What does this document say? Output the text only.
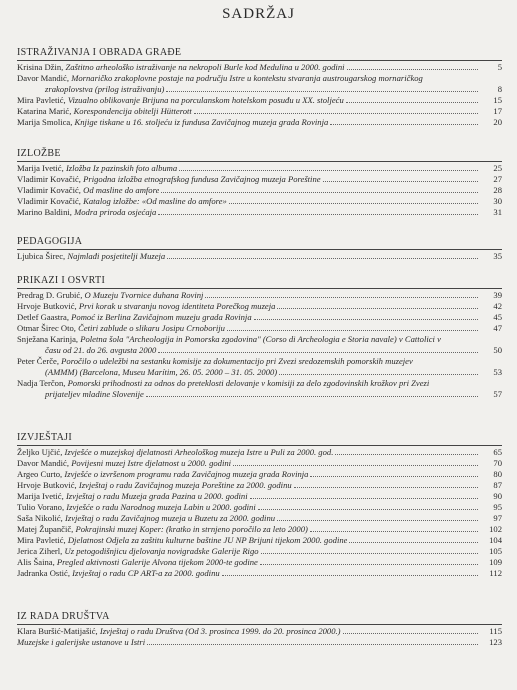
SADRŽAJ
ISTRAŽIVANJA I OBRADA GRAĐE
Krisina Džin, Zaštitno arheološko istraživanje na nekropoli Burle kod Medulina u 2000. godini	5
Davor Mandić, Mornaričko zrakoplovne postaje na području Istre u kontekstu stvaranja austrougarskog mornaričkog
zrakoplovstva (prilog istraživanju)	8
Mira Pavletić, Vizualno oblikovanje Brijuna na porculanskom hotelskom posuđu u XX. stoljeću	15
Katarina Marić, Korespondencija obitelji Hütterott	17
Marija Smolica, Knjige tiskane u 16. stoljeću iz fundusa Zavičajnog muzeja grada Rovinja	20
IZLOŽBE
Marija Ivetić, Izložba Iz pazinskih foto albuma	25
Vladimir Kovačić, Prigodna izložba etnografskog fundusa Zavičajnog muzeja Poreštine	27
Vladimir Kovačić, Od masline do amfore	28
Vladimir Kovačić, Katalog izložbe: «Od masline do amfore»	30
Marino Baldini, Modra priroda osjećaja	31
PEDAGOGIJA
Ljubica Širec, Najmlađi posjetitelji Muzeja	35
PRIKAZI I OSVRTI
Predrag D. Grubić, O Muzeju Tvornice duhana Rovinj	39
Hrvoje Butković, Prvi korak u stvaranju novog identiteta Porečkog muzeja	42
Detlef Gaastra, Pomoć iz Berlina Zavičajnom muzeju grada Rovinja	45
Otmar Širec Oto, Četiri zablude o slikaru Josipu Crnoboriju	47
Snježana Karinja, Poletna šola "Archeologija in Pomorska zgodovina" (Corso di Archeologia e Storia navale) v Cattolici v
času od 21. do 26. avgusta 2000	50
Peter Čerče, Poročilo o udeležbi na sestanku komisije za dokumentacijo pri Zvezi sredozemskih pomorskih muzejev
(AMMM) (Barcelona, Museu Marítim, 26. 05. 2000 – 31. 05. 2000)	53
Nadja Terčon, Pomorski prihodnosti za odnos do preteklosti delovanje v komisiji za delo zgodovinskih krožkov pri Zvezi
prijateljev mladine Slovenije	57
IZVJEŠTAJI
Željko Ujčić, Izvješće o muzejskoj djelatnosti Arheološkog muzeja Istre u Puli za 2000. god.	65
Davor Mandić, Povijesni muzej Istre djelatnost u 2000. godini	70
Argeo Curto, Izvješće o izvršenom programu rada Zavičajnog muzeja grada Rovinja	80
Hrvoje Butković, Izvještaj o radu Zavičajnog muzeja Poreštine za 2000. godinu	87
Marija Ivetić, Izvještaj o radu Muzeja grada Pazina u 2000. godini	90
Tulio Vorano, Izvješće o radu Narodnog muzeja Labin u 2000. godini	95
Saša Nikolić, Izvještaj o radu Zavičajnog muzeja u Buzetu za 2000. godinu	97
Matej Župančič, Pokrajinski muzej Koper: (kratko in strnjeno poročilo za leto 2000)	102
Mira Pavletić, Djelatnost Odjela za zaštitu kulturne baštine JU NP Brijuni tijekom 2000. godine	104
Jerica Ziherl, Uz petogodišnjicu djelovanja novigradske Galerije Rigo	105
Alis Šaina, Pregled aktivnosti Galerije Alvona tijekom 2000-te godine	109
Jadranka Ostić, Izvještaj o radu CP ART-a za 2000. godinu	112
IZ RADA DRUŠTVA
Klara Buršić-Matijašić, Izvještaj o radu Društva (Od 3. prosinca 1999. do 20. prosinca 2000.)	115
Muzejske i galerijske ustanove u Istri	123
